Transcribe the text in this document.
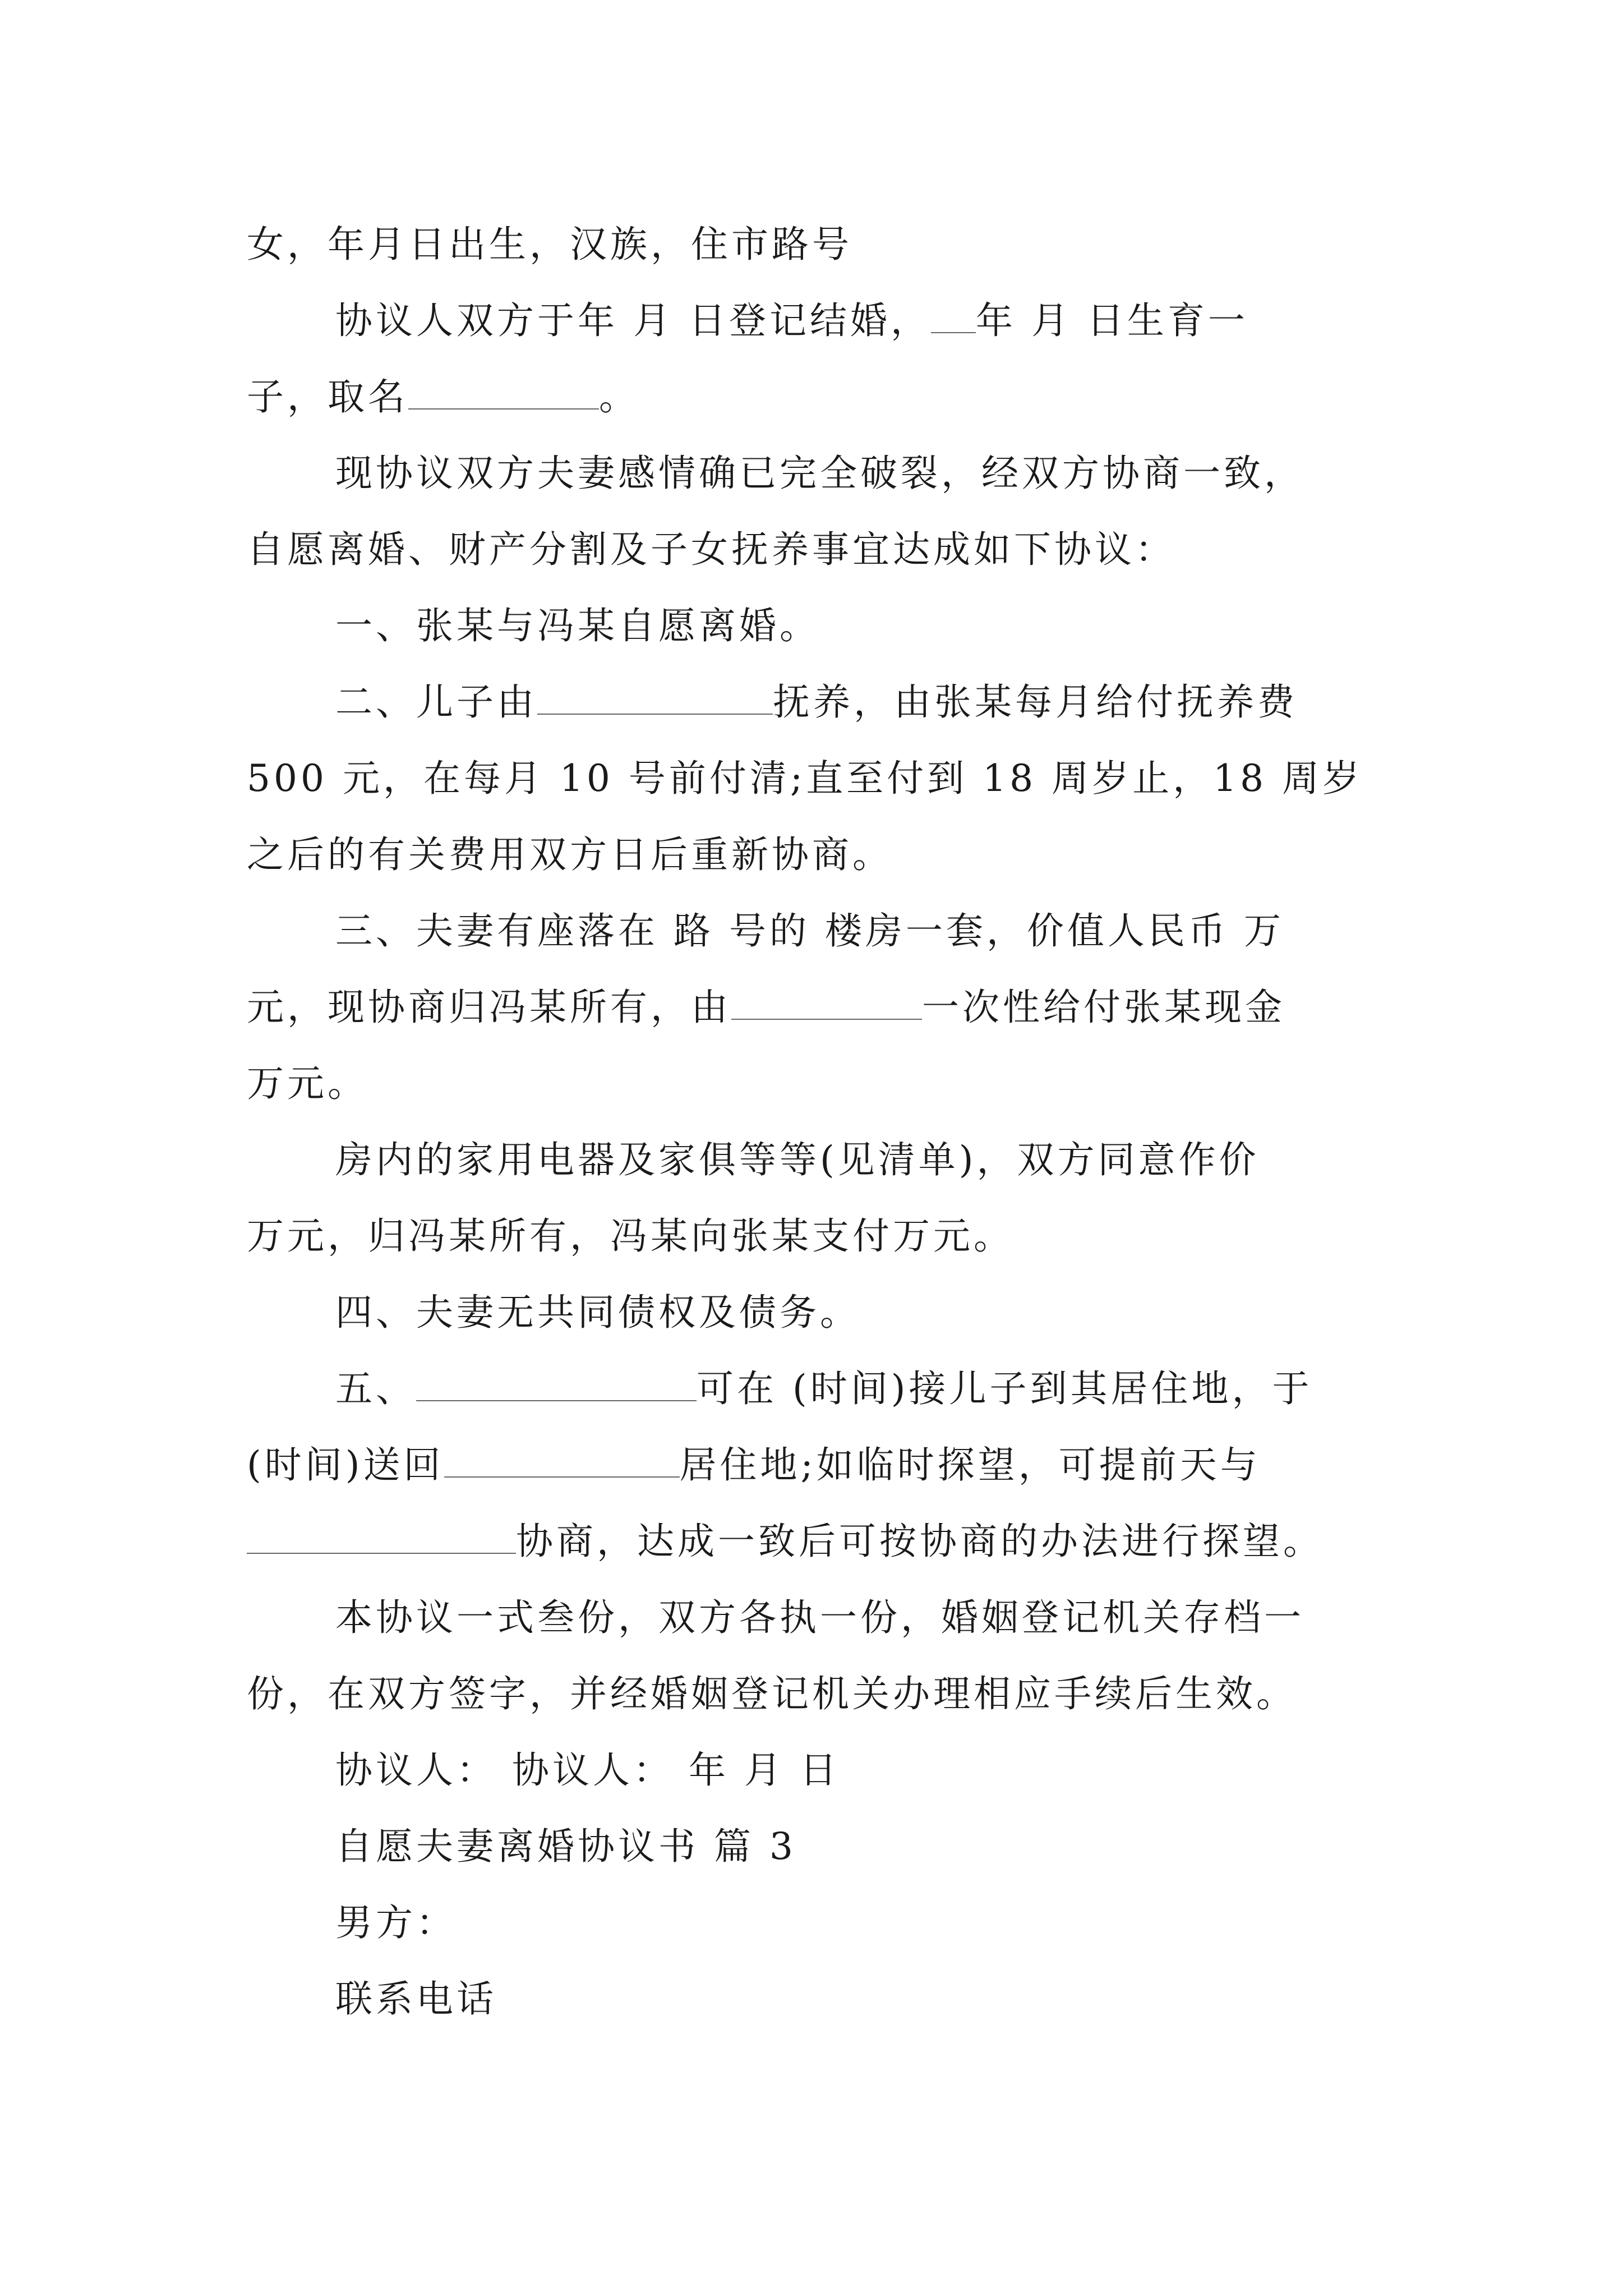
女，年月日出生，汉族，住市路号
协议人双方于年 月 日登记结婚， 年 月 日生育一
子，取名	。
现协议双方夫妻感情确已完全破裂，经双方协商一致，
自愿离婚、财产分割及子女抚养事宜达成如下协议：
一、张某与冯某自愿离婚。
二、儿子由	抚养，由张某每月给付抚养费
500 元，在每月 10 号前付清;直至付到 18 周岁止，18 周岁
之后的有关费用双方日后重新协商。
三、夫妻有座落在 路 号的 楼房一套，价值人民币 万
元，现协商归冯某所有，由	一次性给付张某现金
万元。
房内的家用电器及家俱等等(见清单)，双方同意作价
万元，归冯某所有，冯某向张某支付万元。
四、夫妻无共同债权及债务。
五、	可在 (时间)接儿子到其居住地，于
(时间)送回	居住地;如临时探望，可提前天与
协商，达成一致后可按协商的办法进行探望。
本协议一式叁份，双方各执一份，婚姻登记机关存档一
份，在双方签字，并经婚姻登记机关办理相应手续后生效。
协议人： 协议人： 年 月 日
自愿夫妻离婚协议书 篇 3
男方：
联系电话
